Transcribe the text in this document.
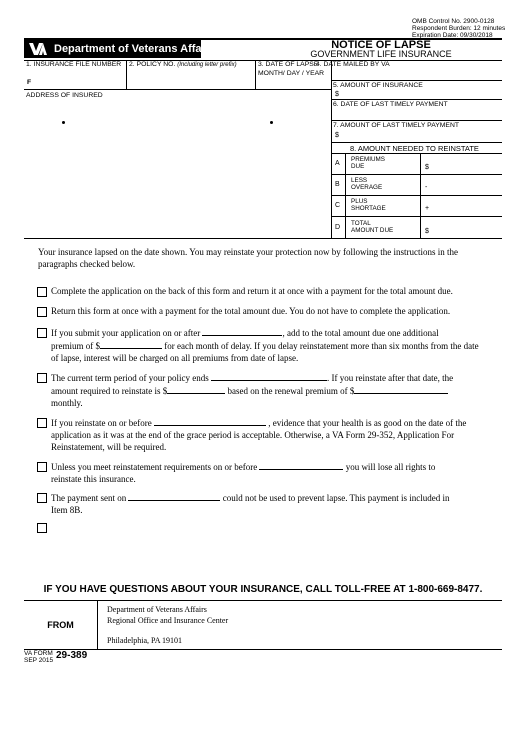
OMB Control No. 2900-0128
Respondent Burden: 12 minutes
Expiration Date: 09/30/2018
Department of Veterans Affairs	NOTICE OF LAPSE
GOVERNMENT LIFE INSURANCE
1. INSURANCE FILE NUMBER
F
2. POLICY NO. (Including letter prefix)	3. DATE OF LAPSE
MONTH/ DAY / YEAR
4. DATE MAILED BY VA
ADDRESS OF INSURED
5. AMOUNT OF INSURANCE
$
6. DATE OF LAST TIMELY PAYMENT
7. AMOUNT OF LAST TIMELY PAYMENT
$
8. AMOUNT NEEDED TO REINSTATE
A
PREMIUMS
DUE	$
B
LESS
OVERAGE	-
C
PLUS
SHORTAGE	+
D
TOTAL
AMOUNT DUE	$
Your insurance lapsed on the date shown. You may reinstate your protection now by following the instructions in the paragraphs checked below.
Complete the application on the back of this form and return it at once with a payment for the total amount due.
Return this form at once with a payment for the total amount due. You do not have to complete the application.
If you submit your application on or after	, add to the total amount due one additional
premium of $	for each month of delay. If you delay reinstatement more than six months from the date
of lapse, interest will be charged on all premiums from date of lapse.
The current term period of your policy ends	. If you reinstate after that date, the
amount required to reinstate is $	based on the renewal premium of $
monthly.
If you reinstate on or before	, evidence that your health is as good on the date of the
application as it was at the end of the grace period is acceptable. Otherwise, a VA Form 29-352, Application For
Reinstatement, will be required.
Unless you meet reinstatement requirements on or before	you will lose all rights to
reinstate this insurance.
The payment sent on	could not be used to prevent lapse. This payment is included in
Item 8B.
IF YOU HAVE QUESTIONS ABOUT YOUR INSURANCE, CALL TOLL-FREE AT 1-800-669-8477.
FROM
Department of Veterans Affairs
Regional Office and Insurance Center
Philadelphia, PA 19101
VA FORM
SEP 2015 29-389
